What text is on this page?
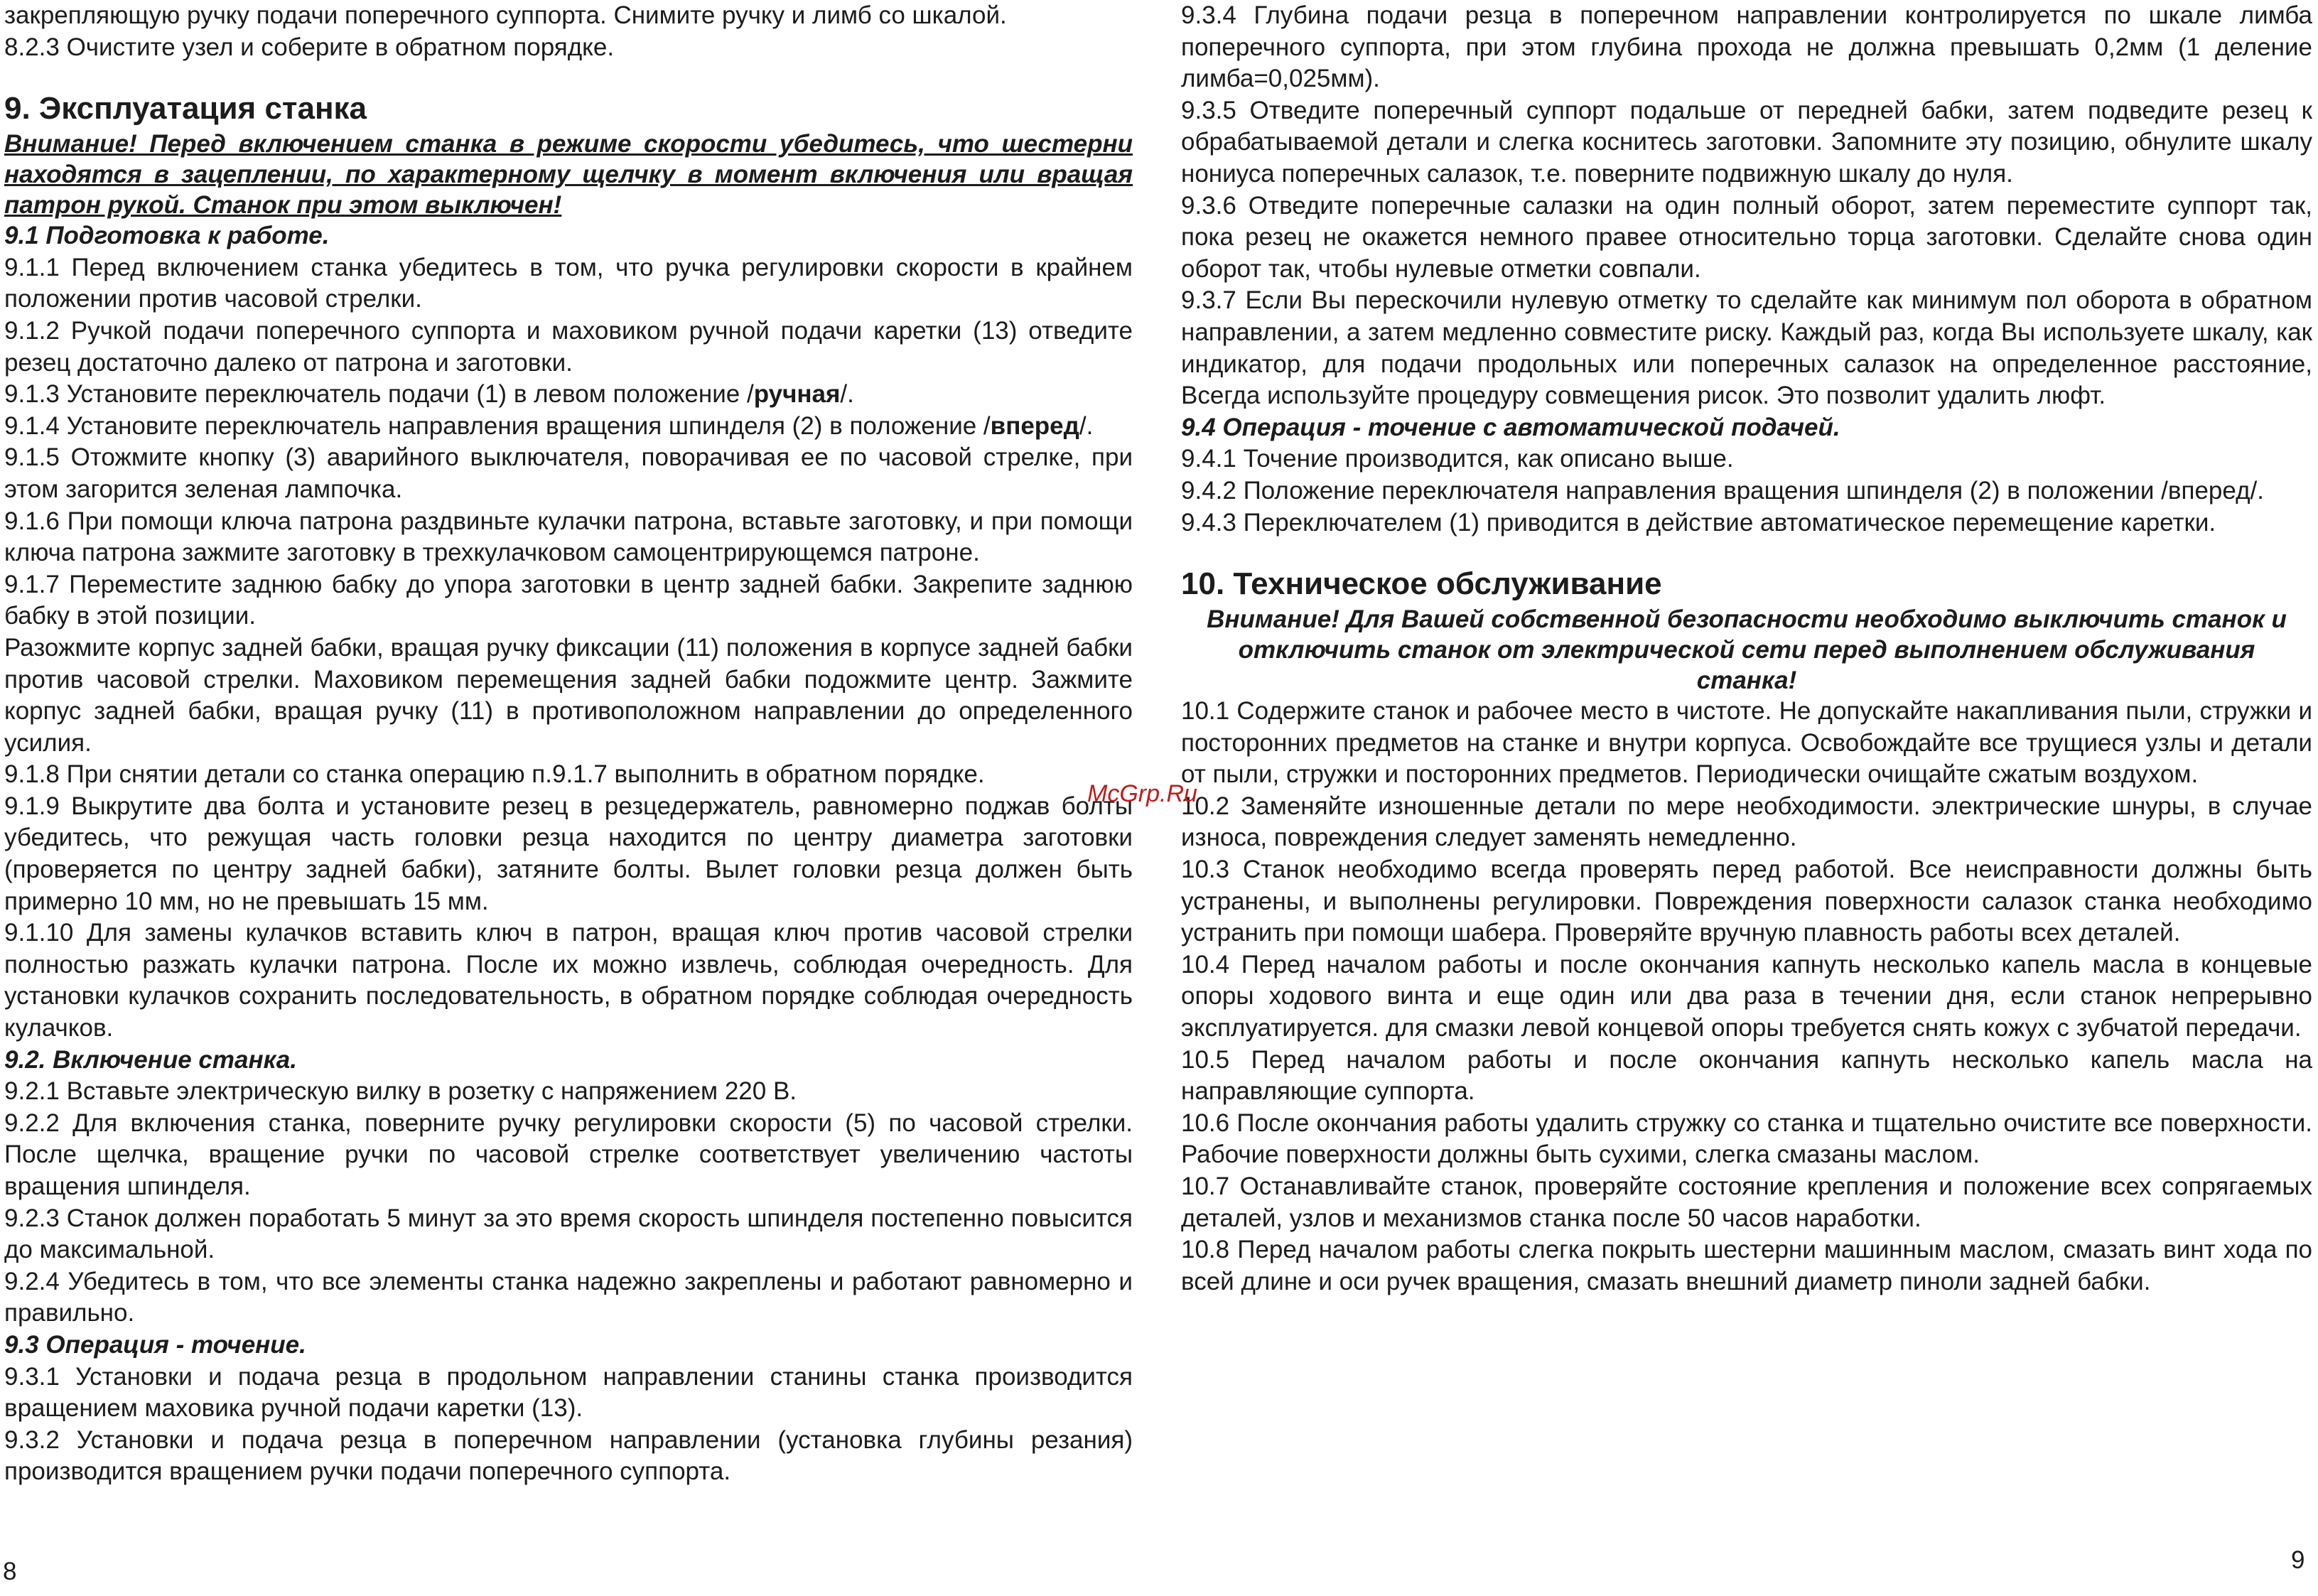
закрепляющую ручку подачи поперечного суппорта. Снимите ручку и лимб со шкалой.

8.2.3 Очистите узел и соберите в обратном порядке.

9. Эксплуатация станка

Внимание! Перед включением станка в режиме скорости убедитесь, что шестерни находятся в зацеплении, по характерному щелчку в момент включения или вращая патрон рукой. Станок при этом выключен!

9.1 Подготовка к работе.

9.1.1 Перед включением станка убедитесь в том, что ручка регулировки скорости в крайнем положении против часовой стрелки.

9.1.2 Ручкой подачи поперечного суппорта и маховиком ручной подачи каретки (13) отведите резец достаточно далеко от патрона и заготовки.

9.1.3 Установите переключатель подачи (1) в левом положение /ручная/.

9.1.4 Установите переключатель направления вращения шпинделя (2) в положение /вперед/.

9.1.5 Отожмите кнопку (3) аварийного выключателя, поворачивая ее по часовой стрелке, при этом загорится зеленая лампочка.

9.1.6 При помощи ключа патрона раздвиньте кулачки патрона, вставьте заготовку, и при помощи ключа патрона зажмите заготовку в трехкулачковом самоцентрирующемся патроне.

9.1.7 Переместите заднюю бабку до упора заготовки в центр задней бабки. Закрепите заднюю бабку в этой позиции.

Разожмите корпус задней бабки, вращая ручку фиксации (11) положения в корпусе задней бабки против часовой стрелки. Маховиком перемещения задней бабки подожмите центр. Зажмите корпус задней бабки, вращая ручку (11) в противоположном направлении до определенного усилия.

9.1.8 При снятии детали со станка операцию п.9.1.7 выполнить в обратном порядке.

9.1.9 Выкрутите два болта и установите резец в резцедержатель, равномерно поджав болты убедитесь, что режущая часть головки резца находится по центру диаметра заготовки (проверяется по центру задней бабки), затяните болты. Вылет головки резца должен быть примерно 10 мм, но не превышать 15 мм.

9.1.10 Для замены кулачков вставить ключ в патрон, вращая ключ против часовой стрелки полностью разжать кулачки патрона. После их можно извлечь, соблюдая очередность. Для установки кулачков сохранить последовательность, в обратном порядке соблюдая очередность кулачков.

9.2. Включение станка.

9.2.1 Вставьте электрическую вилку в розетку с напряжением 220 В.

9.2.2 Для включения станка, поверните ручку регулировки скорости (5) по часовой стрелки. После щелчка, вращение ручки по часовой стрелке соответствует увеличению частоты вращения шпинделя.

9.2.3 Станок должен поработать 5 минут за это время скорость шпинделя постепенно повысится до максимальной.

9.2.4 Убедитесь в том, что все элементы станка надежно закреплены и работают равномерно и правильно.

9.3 Операция - точение.

9.3.1 Установки и подача резца в продольном направлении станины станка производится вращением маховика ручной подачи каретки (13).

9.3.2 Установки и подача резца в поперечном направлении (установка глубины резания) производится вращением ручки подачи поперечного суппорта.

9.3.4 Глубина подачи резца в поперечном направлении контролируется по шкале лимба поперечного суппорта, при этом глубина прохода не должна превышать 0,2мм (1 деление лимба=0,025мм).

9.3.5 Отведите поперечный суппорт подальше от передней бабки, затем подведите резец к обрабатываемой детали и слегка коснитесь заготовки. Запомните эту позицию, обнулите шкалу нониуса поперечных салазок, т.е. поверните подвижную шкалу до нуля.

9.3.6 Отведите поперечные салазки на один полный оборот, затем переместите суппорт так, пока резец не окажется немного правее относительно торца заготовки. Сделайте снова один оборот так, чтобы нулевые отметки совпали.

9.3.7 Если Вы перескочили нулевую отметку то сделайте как минимум пол оборота в обратном направлении, а затем медленно совместите риску. Каждый раз, когда Вы используете шкалу, как индикатор, для подачи продольных или поперечных салазок на определенное расстояние, Всегда используйте процедуру совмещения рисок. Это позволит удалить люфт.

9.4 Операция - точение с автоматической подачей.

9.4.1 Точение производится, как описано выше.

9.4.2 Положение переключателя направления вращения шпинделя (2) в положении /вперед/.

9.4.3 Переключателем (1) приводится в действие автоматическое перемещение каретки.

10. Техническое обслуживание

Внимание! Для Вашей собственной безопасности необходимо выключить станок и отключить станок от электрической сети перед выполнением обслуживания станка!

10.1 Содержите станок и рабочее место в чистоте. Не допускайте накапливания пыли, стружки и посторонних предметов на станке и внутри корпуса. Освобождайте все трущиеся узлы и детали от пыли, стружки и посторонних предметов. Периодически очищайте сжатым воздухом.

10.2 Заменяйте изношенные детали по мере необходимости. электрические шнуры, в случае износа, повреждения следует заменять немедленно.

10.3 Станок необходимо всегда проверять перед работой. Все неисправности должны быть устранены, и выполнены регулировки. Повреждения поверхности салазок станка необходимо устранить при помощи шабера. Проверяйте вручную плавность работы всех деталей.

10.4 Перед началом работы и после окончания капнуть несколько капель масла в концевые опоры ходового винта и еще один или два раза в течении дня, если станок непрерывно эксплуатируется. для смазки левой концевой опоры требуется снять кожух с зубчатой передачи.

10.5 Перед началом работы и после окончания капнуть несколько капель масла на направляющие суппорта.

10.6 После окончания работы удалить стружку со станка и тщательно очистите все поверхности. Рабочие поверхности должны быть сухими, слегка смазаны маслом.

10.7 Останавливайте станок, проверяйте состояние крепления и положение всех сопрягаемых деталей, узлов и механизмов станка после 50 часов наработки.

10.8 Перед началом работы слегка покрыть шестерни машинным маслом, смазать винт хода по всей длине и оси ручек вращения, смазать внешний диаметр пиноли задней бабки.

McGrp.Ru
8	9
